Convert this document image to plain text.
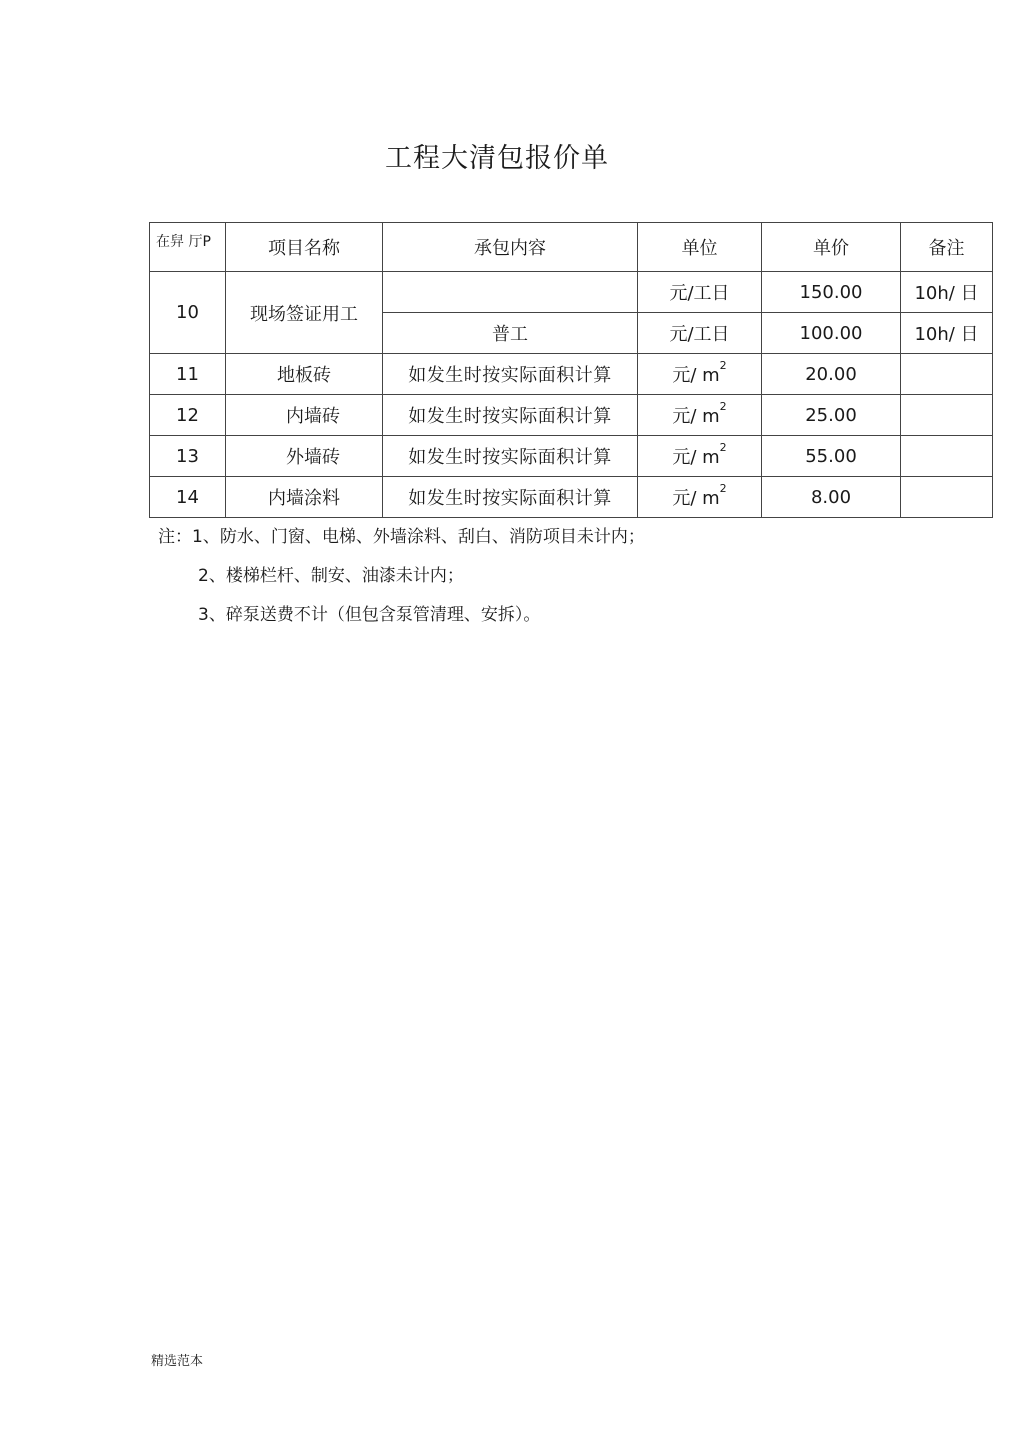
工程大清包报价单
在舁 厅P	项目名称	承包内容	单位	单价	备注
10	现场签证用工		元/工日	150.00	10h/ 日
		普工	元/工日	100.00	10h/ 日
11	地板砖	如发生时按实际面积计算	元/ $m^2$	20.00	
12	内墙砖	如发生时按实际面积计算	元/ $m^2$	25.00	
13	外墙砖	如发生时按实际面积计算	元/ $m^2$	55.00	
14	内墙涂料	如发生时按实际面积计算	元/ $m^2$	8.00	
注：1、防水、门窗、电梯、外墙涂料、刮白、消防项目未计内；
2、楼梯栏杆、制安、油漆未计内；
3、碎泵送费不计（但包含泵管清理、安拆）。
精选范本
